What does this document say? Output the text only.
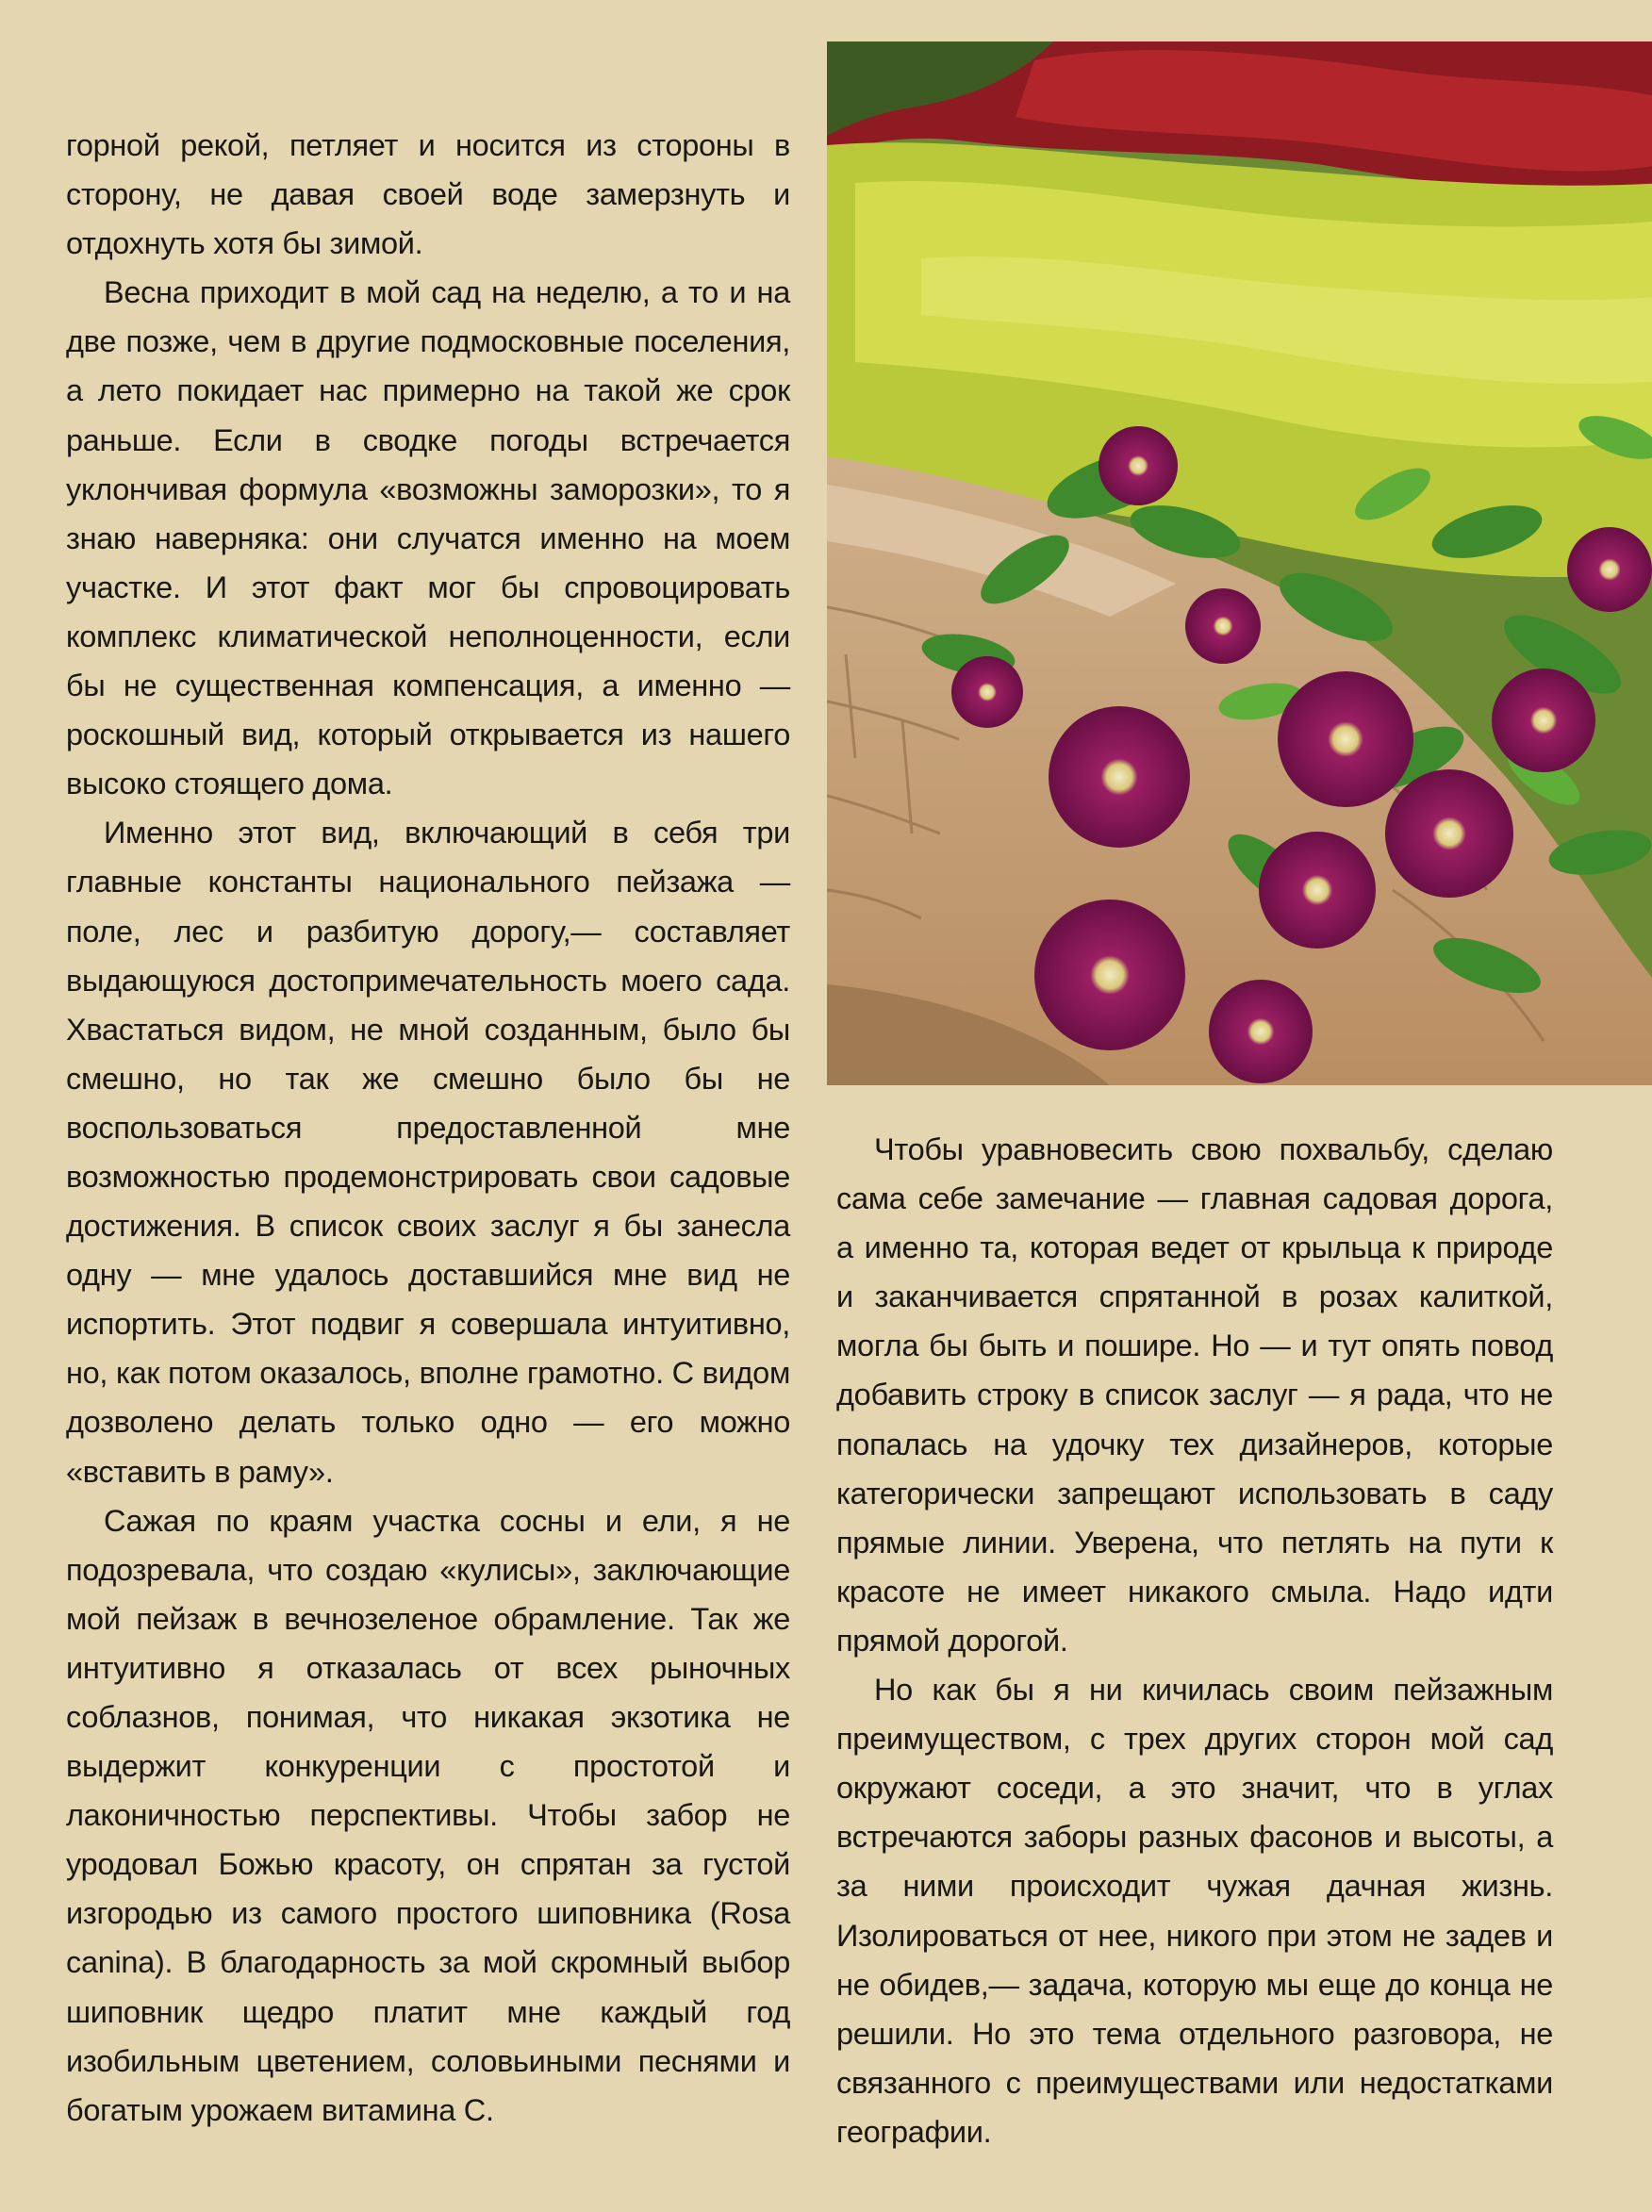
горной рекой, петляет и носится из стороны в сторону, не давая своей воде замерзнуть и отдохнуть хотя бы зимой.

Весна приходит в мой сад на неделю, а то и на две позже, чем в другие подмосковные поселения, а лето покидает нас примерно на такой же срок раньше. Если в сводке погоды встречается уклончивая формула «возможны заморозки», то я знаю наверняка: они случатся именно на моем участке. И этот факт мог бы спровоцировать комплекс климатической неполноценности, если бы не существенная компенсация, а именно — роскошный вид, который открывается из нашего высоко стоящего дома.

Именно этот вид, включающий в себя три главные константы национального пейзажа — поле, лес и разбитую дорогу,— составляет выдающуюся достопримечательность моего сада. Хвастаться видом, не мной созданным, было бы смешно, но так же смешно было бы не воспользоваться предоставленной мне возможностью продемонстрировать свои садовые достижения. В список своих заслуг я бы занесла одну — мне удалось доставшийся мне вид не испортить. Этот подвиг я совершала интуитивно, но, как потом оказалось, вполне грамотно. С видом дозволено делать только одно — его можно «вставить в раму».

Сажая по краям участка сосны и ели, я не подозревала, что создаю «кулисы», заключающие мой пейзаж в вечнозеленое обрамление. Так же интуитивно я отказалась от всех рыночных соблазнов, понимая, что никакая экзотика не выдержит конкуренции с простотой и лаконичностью перспективы. Чтобы забор не уродовал Божью красоту, он спрятан за густой изгородью из самого простого шиповника (Rosa canina). В благодарность за мой скромный выбор шиповник щедро платит мне каждый год изобильным цветением, соловьиными песнями и богатым урожаем витамина С.

Чтобы уравновесить свою похвальбу, сделаю сама себе замечание — главная садовая дорога, а именно та, которая ведет от крыльца к природе и заканчивается спрятанной в розах калиткой, могла бы быть и пошире. Но — и тут опять повод добавить строку в список заслуг — я рада, что не попалась на удочку тех дизайнеров, которые категорически запрещают использовать в саду прямые линии. Уверена, что петлять на пути к красоте не имеет никакого смыла. Надо идти прямой дорогой.

Но как бы я ни кичилась своим пейзажным преимуществом, с трех других сторон мой сад окружают соседи, а это значит, что в углах встречаются заборы разных фасонов и высоты, а за ними происходит чужая дачная жизнь. Изолироваться от нее, никого при этом не задев и не обидев,— задача, которую мы еще до конца не решили. Но это тема отдельного разговора, не связанного с преимуществами или недостатками географии.
